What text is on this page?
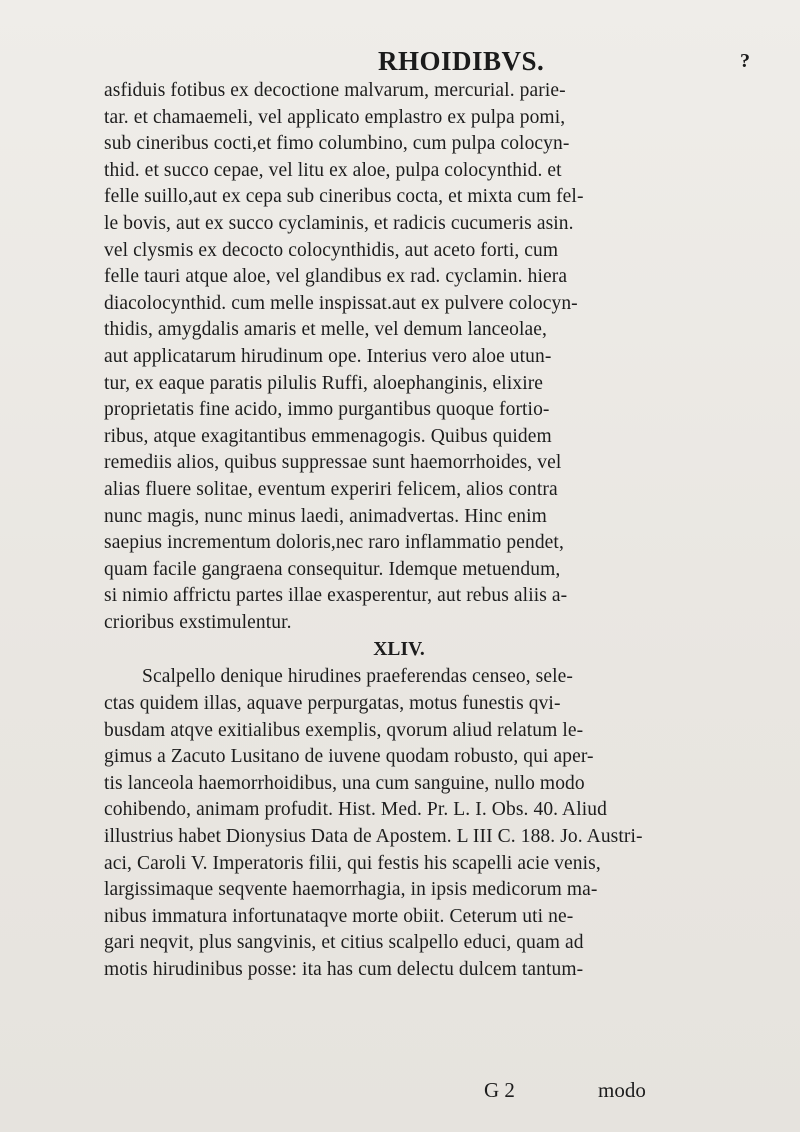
RHOIDIBVS.	?
asfiduis fotibus ex decoctione malvarum, mercurial. parie-
tar. et chamaemeli, vel applicato emplastro ex pulpa pomi,
sub cineribus cocti,et fimo columbino, cum pulpa colocyn-
thid. et succo cepae, vel litu ex aloe, pulpa colocynthid. et
felle suillo,aut ex cepa sub cineribus cocta, et mixta cum fel-
le bovis, aut ex succo cyclaminis, et radicis cucumeris asin.
vel clysmis ex decocto colocynthidis, aut aceto forti, cum
felle tauri atque aloe, vel glandibus ex rad. cyclamin. hiera
diacolocynthid. cum melle inspissat.aut ex pulvere colocyn-
thidis, amygdalis amaris et melle, vel demum lanceolae,
aut applicatarum hirudinum ope. Interius vero aloe utun-
tur, ex eaque paratis pilulis Ruffi, aloephanginis, elixire
proprietatis fine acido, immo purgantibus quoque fortio-
ribus, atque exagitantibus emmenagogis. Quibus quidem
remediis alios, quibus suppressae sunt haemorrhoides, vel
alias fluere solitae, eventum experiri felicem, alios contra
nunc magis, nunc minus laedi, animadvertas. Hinc enim
saepius incrementum doloris,nec raro inflammatio pendet,
quam facile gangraena consequitur. Idemque metuendum,
si nimio affrictu partes illae exasperentur, aut rebus aliis a-
crioribus exstimulentur.
XLIV.
Scalpello denique hirudines praeferendas censeo, sele-
ctas quidem illas, aquave perpurgatas, motus funestis qvi-
busdam atqve exitialibus exemplis, qvorum aliud relatum le-
gimus a Zacuto Lusitano de iuvene quodam robusto, qui aper-
tis lanceola haemorrhoidibus, una cum sanguine, nullo modo
cohibendo, animam profudit. Hist. Med. Pr. L. I. Obs. 40. Aliud
illustrius habet Dionysius Data de Apostem. L III C. 188. Jo. Austri-
aci, Caroli V. Imperatoris filii, qui festis his scapelli acie venis,
largissimaque seqvente haemorrhagia, in ipsis medicorum ma-
nibus immatura infortunataqve morte obiit. Ceterum uti ne-
gari neqvit, plus sangvinis, et citius scalpello educi, quam ad
motis hirudinibus posse: ita has cum delectu dulcem tantum-
G 2	modo
